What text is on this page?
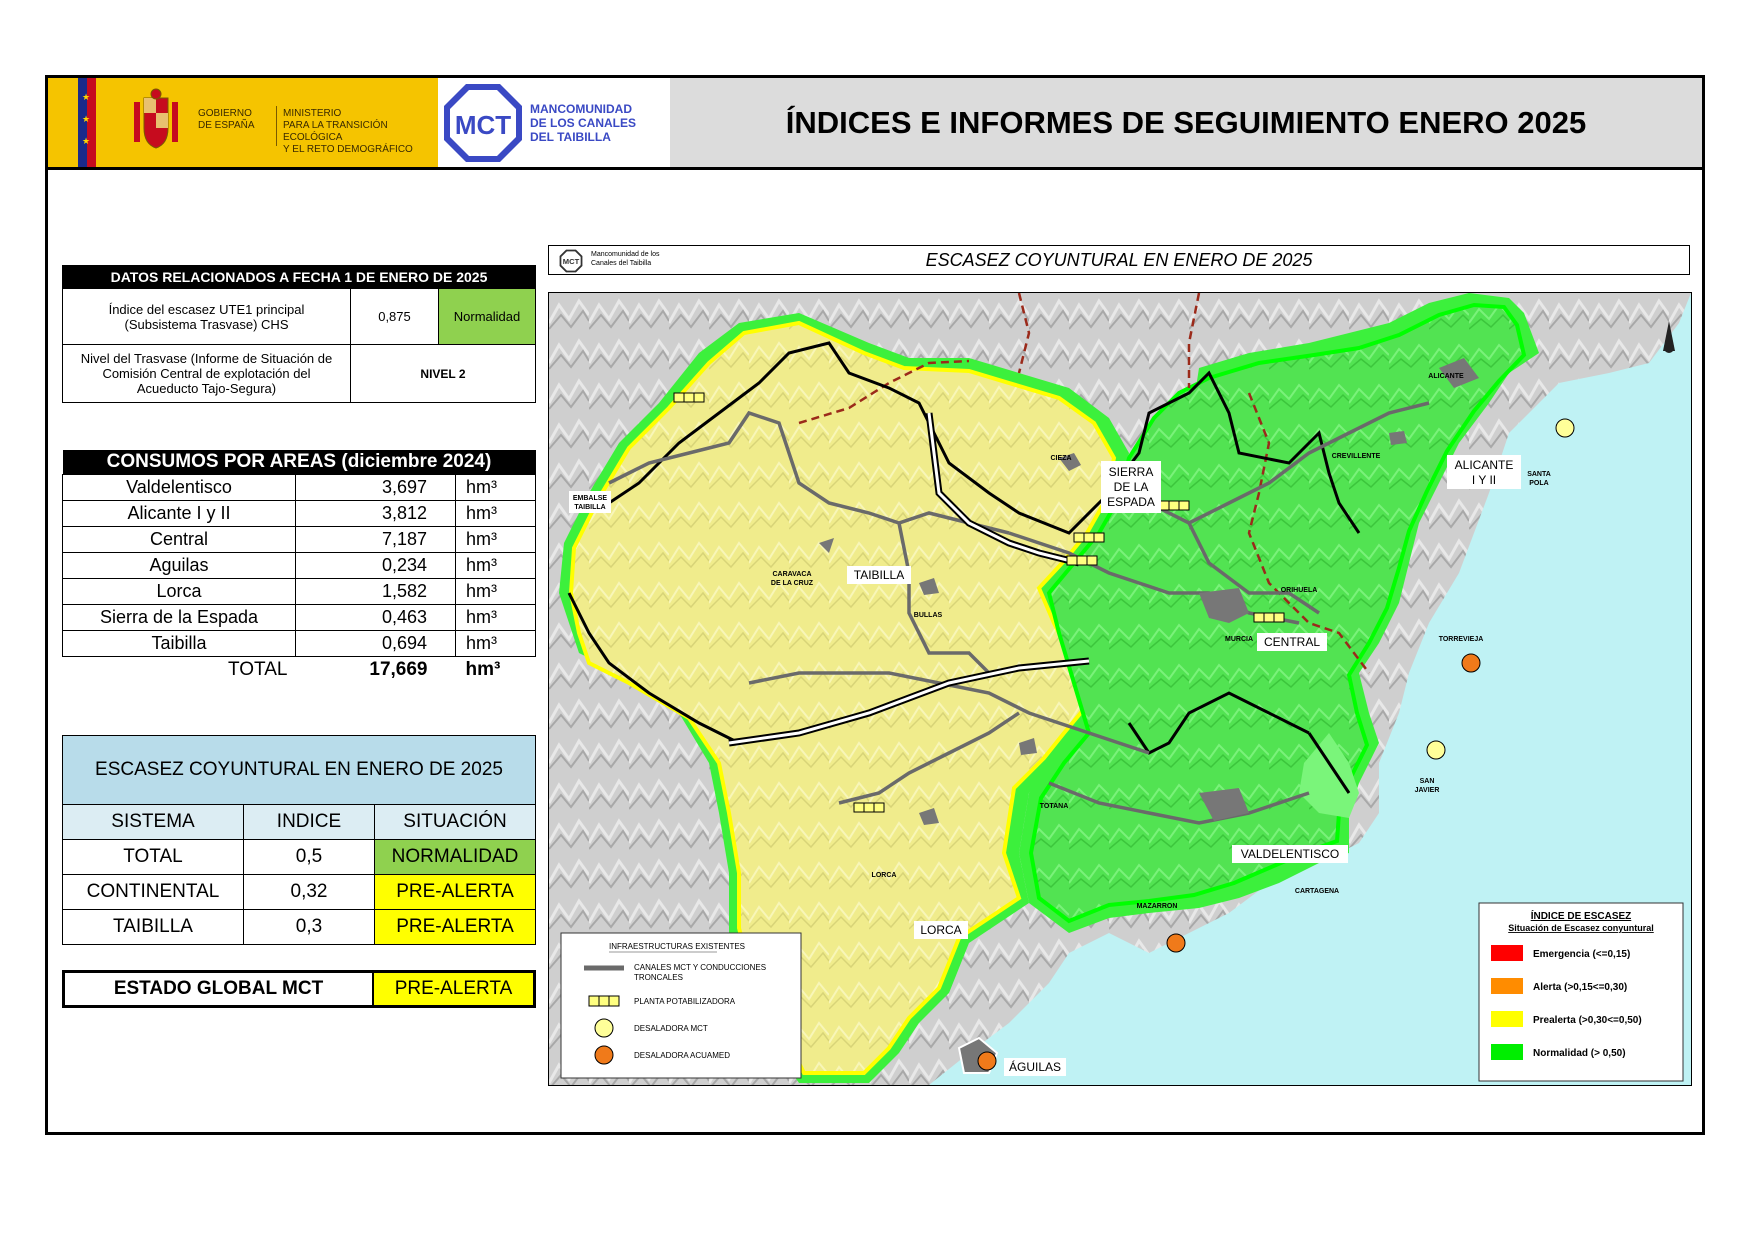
★
★
★
GOBIERNO
DE ESPAÑA
MINISTERIO
PARA LA TRANSICIÓN ECOLÓGICA
Y EL RETO DEMOGRÁFICO
MCT
MANCOMUNIDAD
DE LOS CANALES
DEL TAIBILLA	ÍNDICES E INFORMES DE SEGUIMIENTO ENERO 2025
DATOS RELACIONADOS A FECHA 1 DE ENERO DE 2025		

Índice del escasez UTE1 principal
(Subsistema Trasvase) CHS	0,875	Normalidad

Nivel del Trasvase (Informe de Situación de
Comisión Central de explotación del
Acueducto Tajo-Segura)	NIVEL 2	
CONSUMOS POR AREAS (diciembre 2024)		
Valdelentisco	3,697	hm³
Alicante I y II	3,812	hm³
Central	7,187	hm³
Aguilas	0,234	hm³
Lorca	1,582	hm³
Sierra de la Espada	0,463	hm³
Taibilla	0,694	hm³
TOTAL	17,669	hm³
ESCASEZ COYUNTURAL EN ENERO DE 2025		
SISTEMA	INDICE	SITUACIÓN
TOTAL	0,5	NORMALIDAD
CONTINENTAL	0,32	PRE-ALERTA
TAIBILLA	0,3	PRE-ALERTA
ESTADO GLOBAL MCT	PRE-ALERTA
MCT
Mancomunidad de los
Canales del Taibilla	ESCASEZ COYUNTURAL EN ENERO DE 2025
TAIBILLA
SIERRA
DE LA
ESPADA
ALICANTE
I Y II
CENTRAL
VALDELENTISCO
LORCA
ÁGUILAS
EMBALSE
TAIBILLA
CIEZA
CARAVACA
DE LA CRUZ
BULLAS
ALICANTE
CREVILLENTE
SANTA
POLA
ORIHUELA
MURCIA	TORREVIEJA
TOTANA
LORCA
SAN
JAVIER
MAZARRON
CARTAGENA
INFRAESTRUCTURAS EXISTENTES
CANALES MCT Y CONDUCCIONES
TRONCALES
PLANTA POTABILIZADORA
DESALADORA MCT
DESALADORA ACUAMED
ÍNDICE DE ESCASEZ
Situación de Escasez conyuntural
Emergencia (<=0,15)
Alerta (>0,15<=0,30)
Prealerta (>0,30<=0,50)
Normalidad (> 0,50)
